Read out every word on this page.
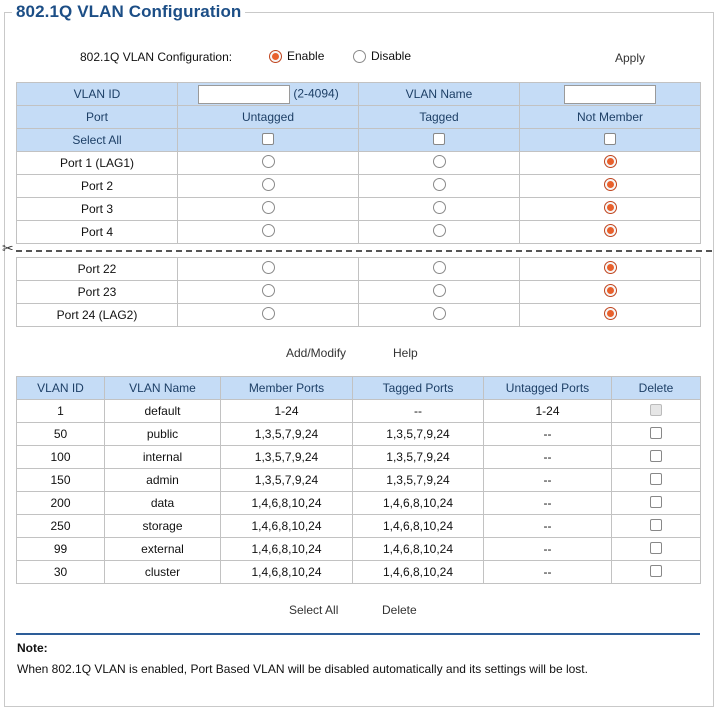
802.1Q VLAN Configuration
802.1Q VLAN Configuration:	Enable	Disable	Apply
VLAN ID	(2-4094)	VLAN Name	
Port	Untagged	Tagged	Not Member
Select All			
Port 1 (LAG1)			
Port 2			
Port 3			
Port 4			
✂
Port 22			
Port 23			
Port 24 (LAG2)			
Add/Modify	Help
VLAN ID	VLAN Name	Member Ports	Tagged Ports	Untagged Ports	Delete
1	default	1-24	--	1-24	
50	public	1,3,5,7,9,24	1,3,5,7,9,24	--	
100	internal	1,3,5,7,9,24	1,3,5,7,9,24	--	
150	admin	1,3,5,7,9,24	1,3,5,7,9,24	--	
200	data	1,4,6,8,10,24	1,4,6,8,10,24	--	
250	storage	1,4,6,8,10,24	1,4,6,8,10,24	--	
99	external	1,4,6,8,10,24	1,4,6,8,10,24	--	
30	cluster	1,4,6,8,10,24	1,4,6,8,10,24	--	
Select All	Delete
Note:
When 802.1Q VLAN is enabled, Port Based VLAN will be disabled automatically and its settings will be lost.
